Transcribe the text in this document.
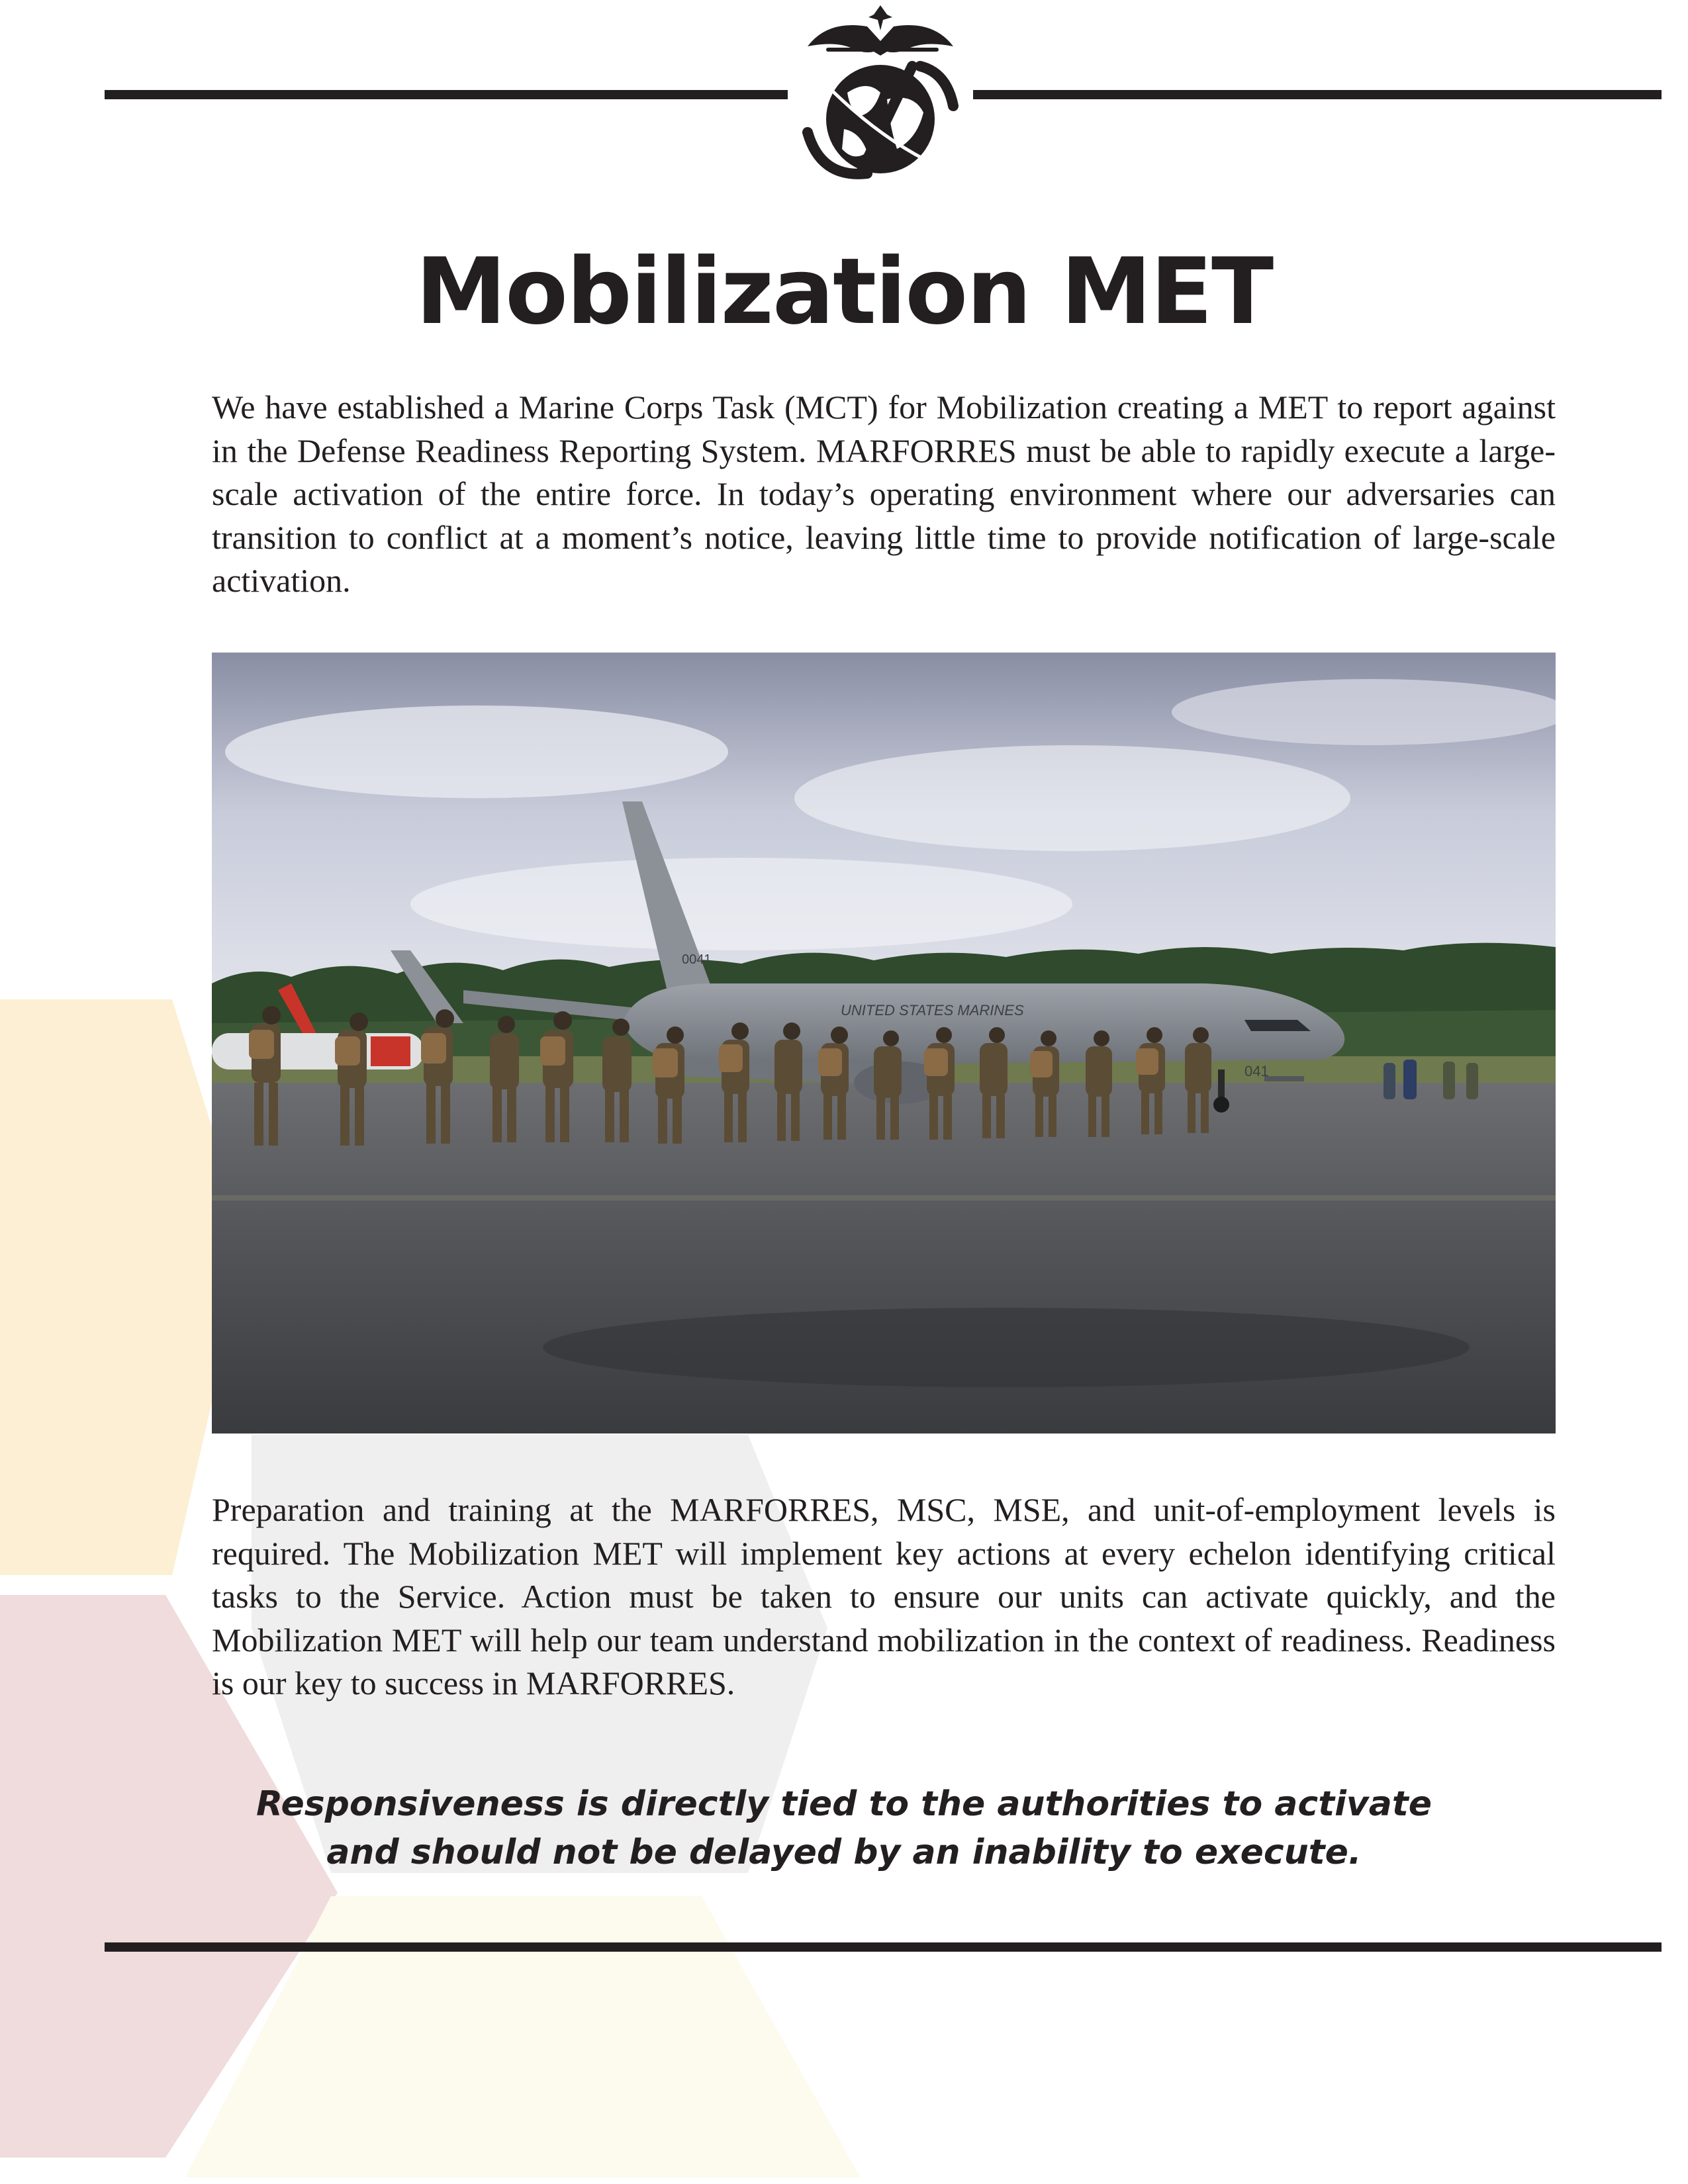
Mobilization MET

We have established a Marine Corps Task (MCT) for Mobilization creating a MET to report against in the Defense Readiness Reporting System. MARFORRES must be able to rapidly execute a large-scale activation of the entire force. In today’s operating environment where our adversaries can transition to conflict at a moment’s notice, leaving little time to provide notification of large-scale activation.

UNITED STATES MARINES
0041
041

Preparation and training at the MARFORRES, MSC, MSE, and unit-of-employment levels is required. The Mobilization MET will implement key actions at every echelon identifying critical tasks to the Service. Action must be taken to ensure our units can activate quickly, and the Mobilization MET will help our team understand mobilization in the context of readiness. Readiness is our key to success in MARFORRES.

Responsiveness is directly tied to the authorities to activate
and should not be delayed by an inability to execute.
